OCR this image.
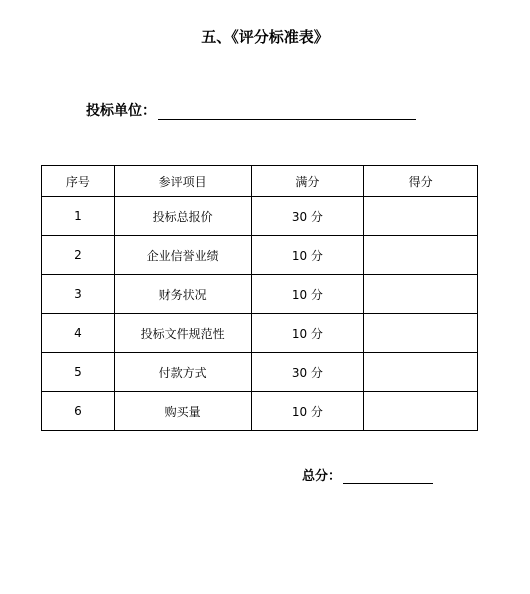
五、《评分标准表》
投标单位：
序号	参评项目	满分	得分
1	投标总报价	30 分	
2	企业信誉业绩	10 分	
3	财务状况	10 分	
4	投标文件规范性	10 分	
5	付款方式	30 分	
6	购买量	10 分	
总分：
